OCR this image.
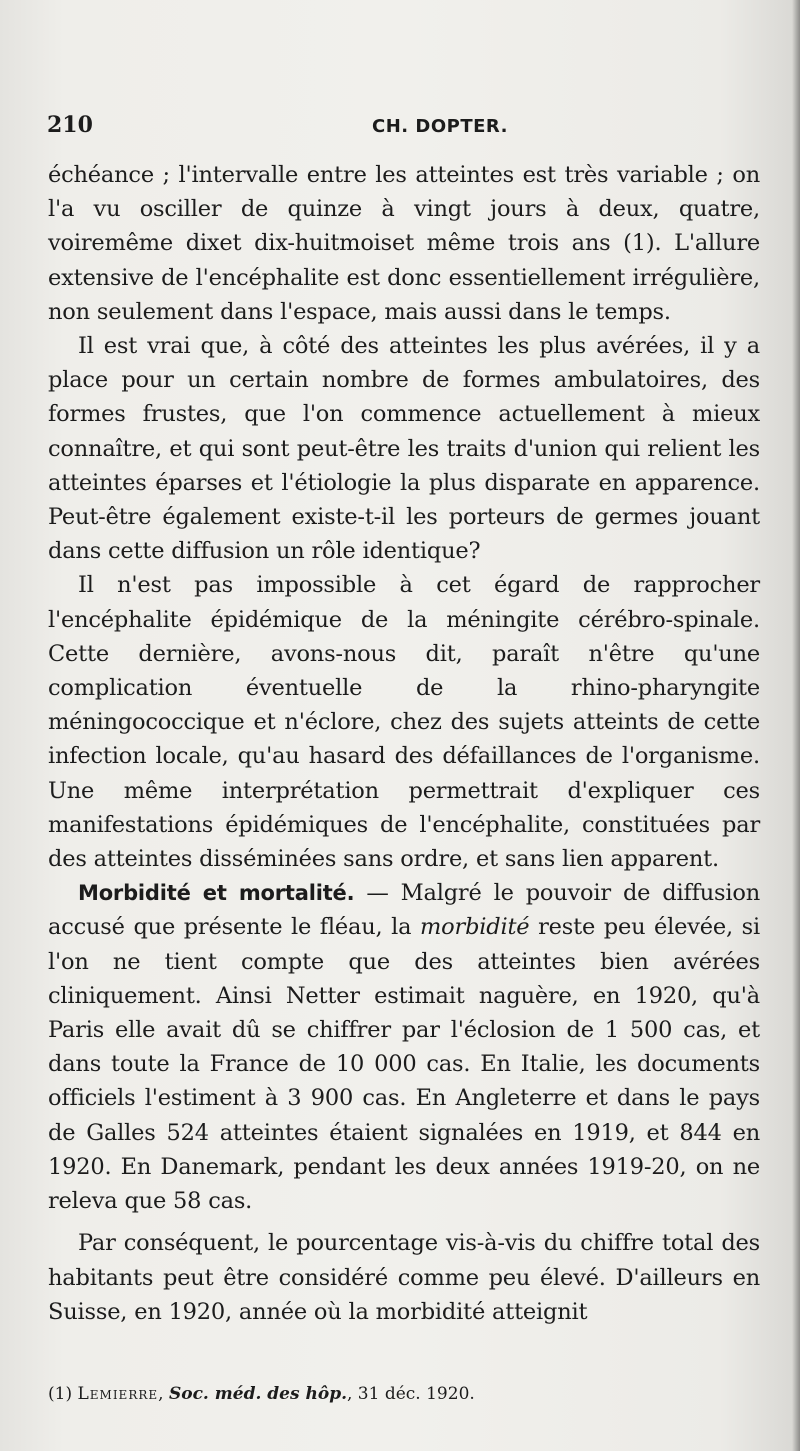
210	CH. DOPTER.

échéance ; l'intervalle entre les atteintes est très variable ; on l'a vu osciller de quinze à vingt jours à deux, quatre, voiremême dixet dix-huitmoiset même trois ans (1). L'allure extensive de l'encéphalite est donc essentiellement irrégulière, non seulement dans l'espace, mais aussi dans le temps.

Il est vrai que, à côté des atteintes les plus avérées, il y a place pour un certain nombre de formes ambulatoires, des formes frustes, que l'on commence actuellement à mieux connaître, et qui sont peut-être les traits d'union qui relient les atteintes éparses et l'étiologie la plus disparate en apparence. Peut-être également existe-t-il les porteurs de germes jouant dans cette diffusion un rôle identique?

Il n'est pas impossible à cet égard de rapprocher l'encéphalite épidémique de la méningite cérébro-spinale. Cette dernière, avons-nous dit, paraît n'être qu'une complication éventuelle de la rhino-pharyngite méningococcique et n'éclore, chez des sujets atteints de cette infection locale, qu'au hasard des défaillances de l'organisme. Une même interprétation permettrait d'expliquer ces manifestations épidémiques de l'encéphalite, constituées par des atteintes disséminées sans ordre, et sans lien apparent.

Morbidité et mortalité. — Malgré le pouvoir de diffusion accusé que présente le fléau, la morbidité reste peu élevée, si l'on ne tient compte que des atteintes bien avérées cliniquement. Ainsi Netter estimait naguère, en 1920, qu'à Paris elle avait dû se chiffrer par l'éclosion de 1 500 cas, et dans toute la France de 10 000 cas. En Italie, les documents officiels l'estiment à 3 900 cas. En Angleterre et dans le pays de Galles 524 atteintes étaient signalées en 1919, et 844 en 1920. En Danemark, pendant les deux années 1919-20, on ne releva que 58 cas.

Par conséquent, le pourcentage vis-à-vis du chiffre total des habitants peut être considéré comme peu élevé. D'ailleurs en Suisse, en 1920, année où la morbidité atteignit

(1) Lemierre, Soc. méd. des hôp., 31 déc. 1920.
